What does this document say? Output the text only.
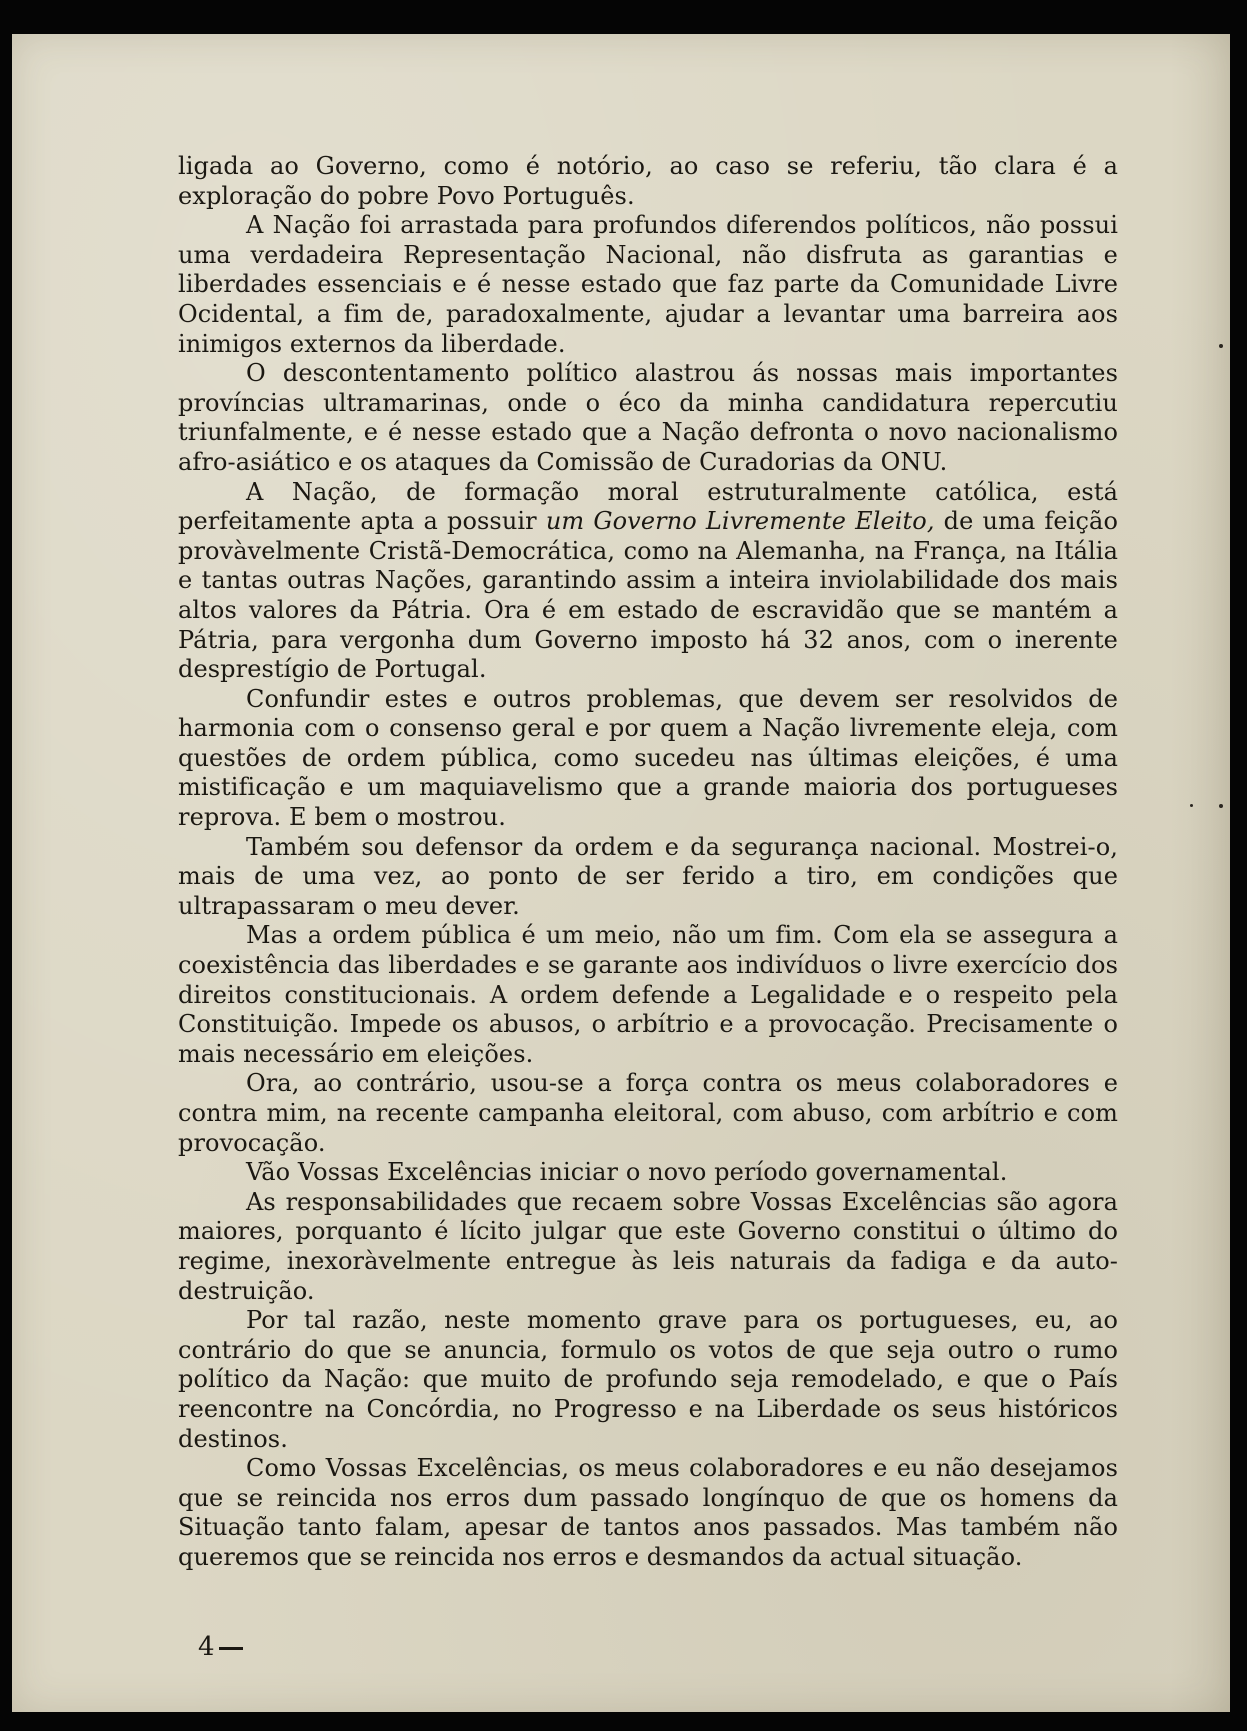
ligada ao Governo, como é notório, ao caso se referiu, tão clara é a exploração do pobre Povo Português.

A Nação foi arrastada para profundos diferendos políticos, não possui uma verdadeira Representação Nacional, não disfruta as garantias e liberdades essenciais e é nesse estado que faz parte da Comunidade Livre Ocidental, a fim de, paradoxalmente, ajudar a levantar uma barreira aos inimigos externos da liberdade.

O descontentamento político alastrou ás nossas mais importantes províncias ultramarinas, onde o éco da minha candidatura repercutiu triunfalmente, e é nesse estado que a Nação defronta o novo nacionalismo afro-asiático e os ataques da Comissão de Curadorias da ONU.

A Nação, de formação moral estruturalmente católica, está perfeitamente apta a possuir um Governo Livremente Eleito, de uma feição provàvelmente Cristã-Democrática, como na Alemanha, na França, na Itália e tantas outras Nações, garantindo assim a inteira inviolabilidade dos mais altos valores da Pátria. Ora é em estado de escravidão que se mantém a Pátria, para vergonha dum Governo imposto há 32 anos, com o inerente desprestígio de Portugal.

Confundir estes e outros problemas, que devem ser resolvidos de harmonia com o consenso geral e por quem a Nação livremente eleja, com questões de ordem pública, como sucedeu nas últimas eleições, é uma mistificação e um maquiavelismo que a grande maioria dos portugueses reprova. E bem o mostrou.

Também sou defensor da ordem e da segurança nacional. Mostrei-o, mais de uma vez, ao ponto de ser ferido a tiro, em condições que ultrapassaram o meu dever.

Mas a ordem pública é um meio, não um fim. Com ela se assegura a coexistência das liberdades e se garante aos indivíduos o livre exercício dos direitos constitucionais. A ordem defende a Legalidade e o respeito pela Constituição. Impede os abusos, o arbítrio e a provocação. Precisamente o mais necessário em eleições.

Ora, ao contrário, usou-se a força contra os meus colaboradores e contra mim, na recente campanha eleitoral, com abuso, com arbítrio e com provocação.

Vão Vossas Excelências iniciar o novo período governamental.

As responsabilidades que recaem sobre Vossas Excelências são agora maiores, porquanto é lícito julgar que este Governo constitui o último do regime, inexoràvelmente entregue às leis naturais da fadiga e da auto-destruição.

Por tal razão, neste momento grave para os portugueses, eu, ao contrário do que se anuncia, formulo os votos de que seja outro o rumo político da Nação: que muito de profundo seja remodelado, e que o País reencontre na Concórdia, no Progresso e na Liberdade os seus históricos destinos.

Como Vossas Excelências, os meus colaboradores e eu não desejamos que se reincida nos erros dum passado longínquo de que os homens da Situação tanto falam, apesar de tantos anos passados. Mas também não queremos que se reincida nos erros e desmandos da actual situação.

4
